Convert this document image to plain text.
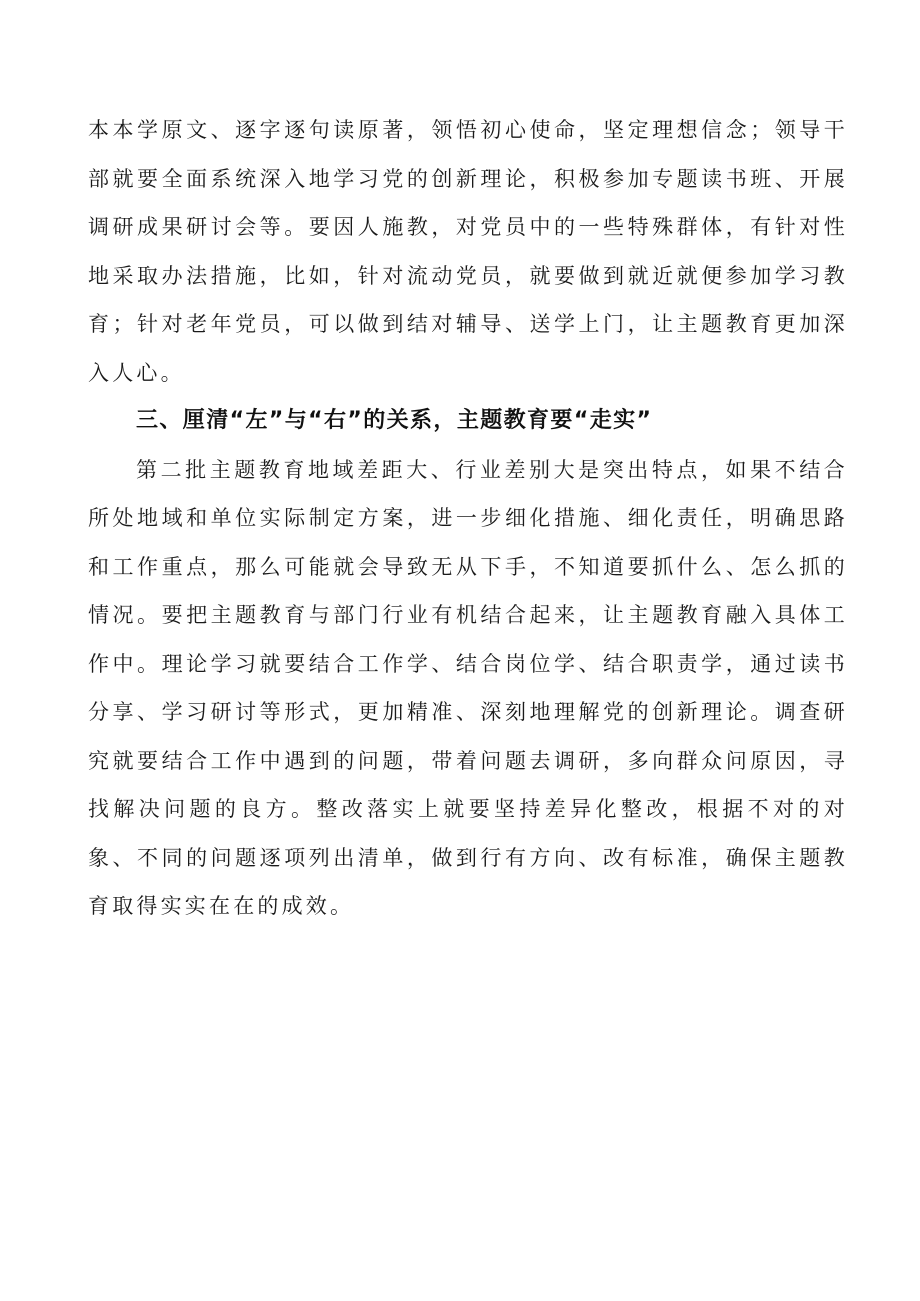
本本学原文、逐字逐句读原著，领悟初心使命，坚定理想信念；领导干部就要全面系统深入地学习党的创新理论，积极参加专题读书班、开展调研成果研讨会等。要因人施教，对党员中的一些特殊群体，有针对性地采取办法措施，比如，针对流动党员，就要做到就近就便参加学习教育；针对老年党员，可以做到结对辅导、送学上门，让主题教育更加深入人心。

三、厘清“左”与“右”的关系，主题教育要“走实”

第二批主题教育地域差距大、行业差别大是突出特点，如果不结合所处地域和单位实际制定方案，进一步细化措施、细化责任，明确思路和工作重点，那么可能就会导致无从下手，不知道要抓什么、怎么抓的情况。要把主题教育与部门行业有机结合起来，让主题教育融入具体工作中。理论学习就要结合工作学、结合岗位学、结合职责学，通过读书分享、学习研讨等形式，更加精准、深刻地理解党的创新理论。调查研究就要结合工作中遇到的问题，带着问题去调研，多向群众问原因，寻找解决问题的良方。整改落实上就要坚持差异化整改，根据不对的对象、不同的问题逐项列出清单，做到行有方向、改有标准，确保主题教育取得实实在在的成效。
